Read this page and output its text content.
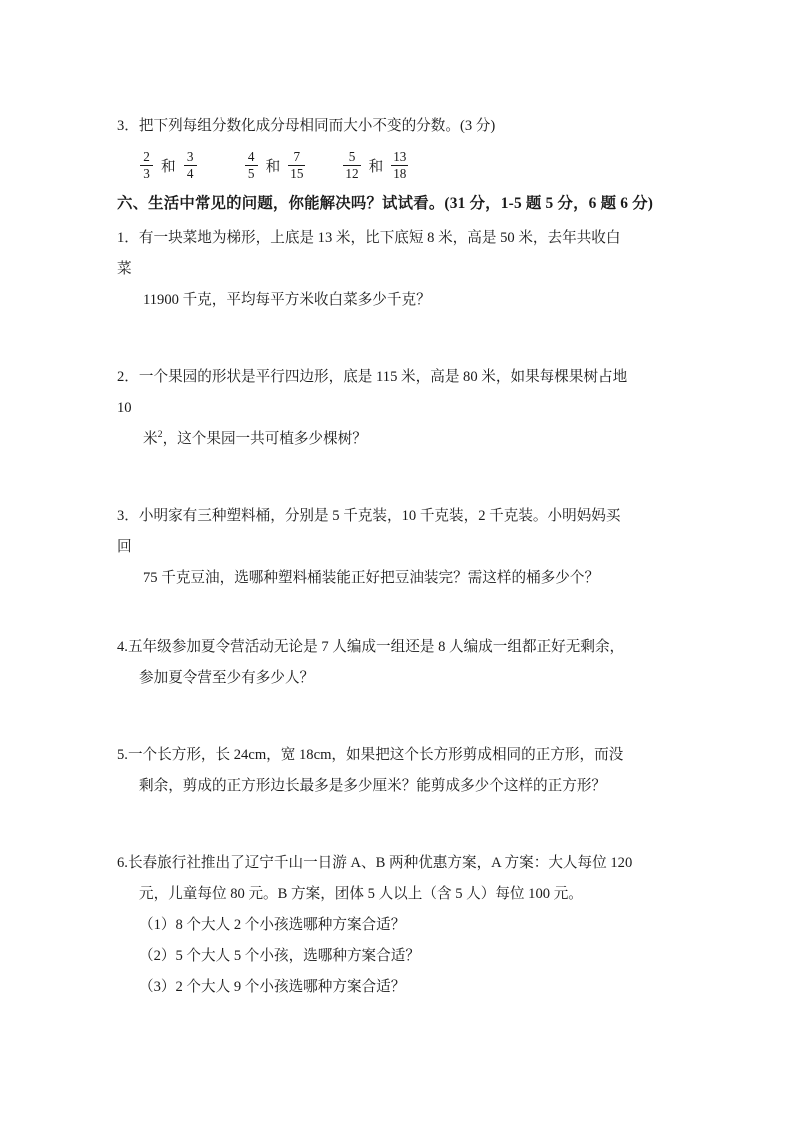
3．把下列每组分数化成分母相同而大小不变的分数。(3 分)
$\frac{2}{3}$ 和 $\frac{3}{4}$	$\frac{4}{5}$ 和 $\frac{7}{15}$	$\frac{5}{12}$ 和 $\frac{13}{18}$
六、生活中常见的问题，你能解决吗？试试看。(31 分，1-5 题 5 分，6 题 6 分)
1．有一块菜地为梯形，上底是 13 米，比下底短 8 米，高是 50 米，去年共收白
菜
11900 千克，平均每平方米收白菜多少千克？
2．一个果园的形状是平行四边形，底是 115 米，高是 80 米，如果每棵果树占地
10
米$^2$，这个果园一共可植多少棵树？
3．小明家有三种塑料桶，分别是 5 千克装，10 千克装，2 千克装。小明妈妈买
回
75 千克豆油，选哪种塑料桶装能正好把豆油装完？需这样的桶多少个？
4.五年级参加夏令营活动无论是 7 人编成一组还是 8 人编成一组都正好无剩余，
参加夏令营至少有多少人？
5.一个长方形，长 24cm，宽 18cm，如果把这个长方形剪成相同的正方形，而没
剩余，剪成的正方形边长最多是多少厘米？能剪成多少个这样的正方形？
6.长春旅行社推出了辽宁千山一日游 A、B 两种优惠方案，A 方案：大人每位 120
元，儿童每位 80 元。B 方案，团体 5 人以上（含 5 人）每位 100 元。
（1）8 个大人 2 个小孩选哪种方案合适？
（2）5 个大人 5 个小孩，选哪种方案合适？
（3）2 个大人 9 个小孩选哪种方案合适？
